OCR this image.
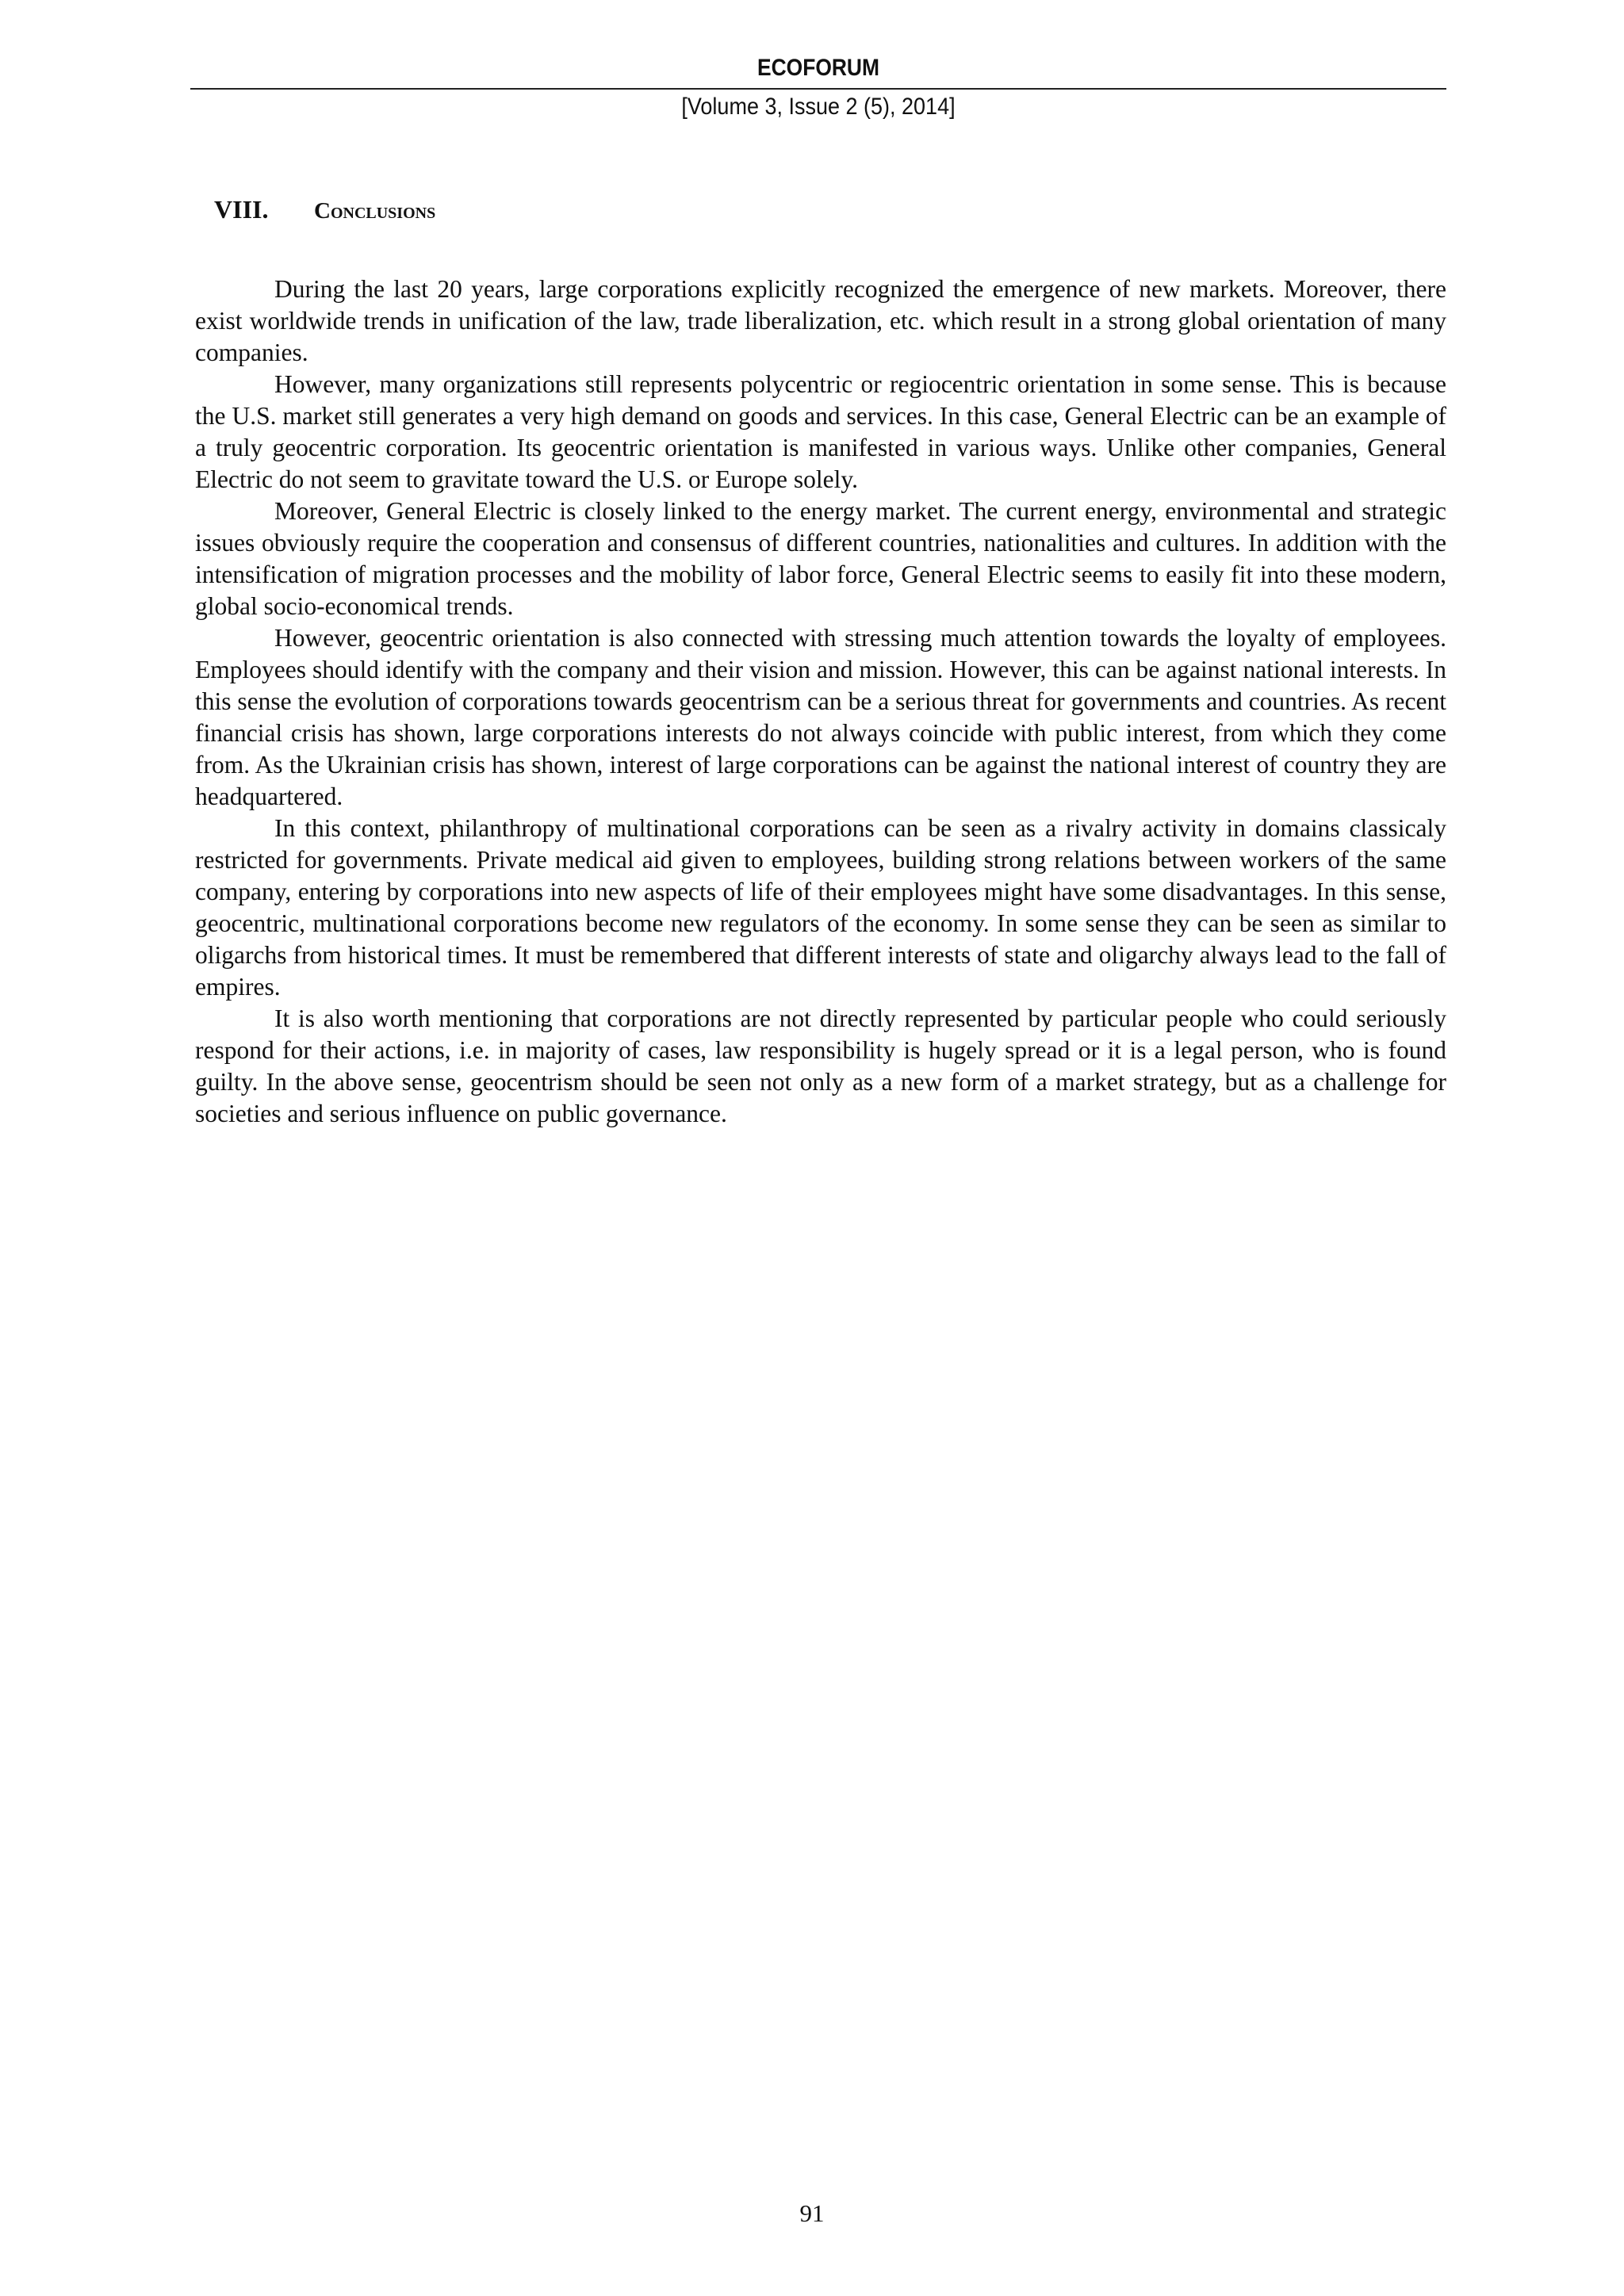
ECOFORUM
[Volume 3, Issue 2 (5), 2014]
VIII. Conclusions

During the last 20 years, large corporations explicitly recognized the emergence of new markets. Moreover, there exist worldwide trends in unification of the law, trade liberalization, etc. which result in a strong global orientation of many companies.

However, many organizations still represents polycentric or regiocentric orientation in some sense. This is because the U.S. market still generates a very high demand on goods and services. In this case, General Electric can be an example of a truly geocentric corporation. Its geocentric orientation is manifested in various ways. Unlike other companies, General Electric do not seem to gravitate toward the U.S. or Europe solely.

Moreover, General Electric is closely linked to the energy market. The current energy, environmental and strategic issues obviously require the cooperation and consensus of different countries, nationalities and cultures. In addition with the intensification of migration processes and the mobility of labor force, General Electric seems to easily fit into these modern, global socio-economical trends.

However, geocentric orientation is also connected with stressing much attention towards the loyalty of employees. Employees should identify with the company and their vision and mission. However, this can be against national interests. In this sense the evolution of corporations towards geocentrism can be a serious threat for governments and countries. As recent financial crisis has shown, large corporations interests do not always coincide with public interest, from which they come from. As the Ukrainian crisis has shown, interest of large corporations can be against the national interest of country they are headquartered.

In this context, philanthropy of multinational corporations can be seen as a rivalry activity in domains classicaly restricted for governments. Private medical aid given to employees, building strong relations between workers of the same company, entering by corporations into new aspects of life of their employees might have some disadvantages. In this sense, geocentric, multinational corporations become new regulators of the economy. In some sense they can be seen as similar to oligarchs from historical times. It must be remembered that different interests of state and oligarchy always lead to the fall of empires.

It is also worth mentioning that corporations are not directly represented by particular people who could seriously respond for their actions, i.e. in majority of cases, law responsibility is hugely spread or it is a legal person, who is found guilty. In the above sense, geocentrism should be seen not only as a new form of a market strategy, but as a challenge for societies and serious influence on public governance.

91
